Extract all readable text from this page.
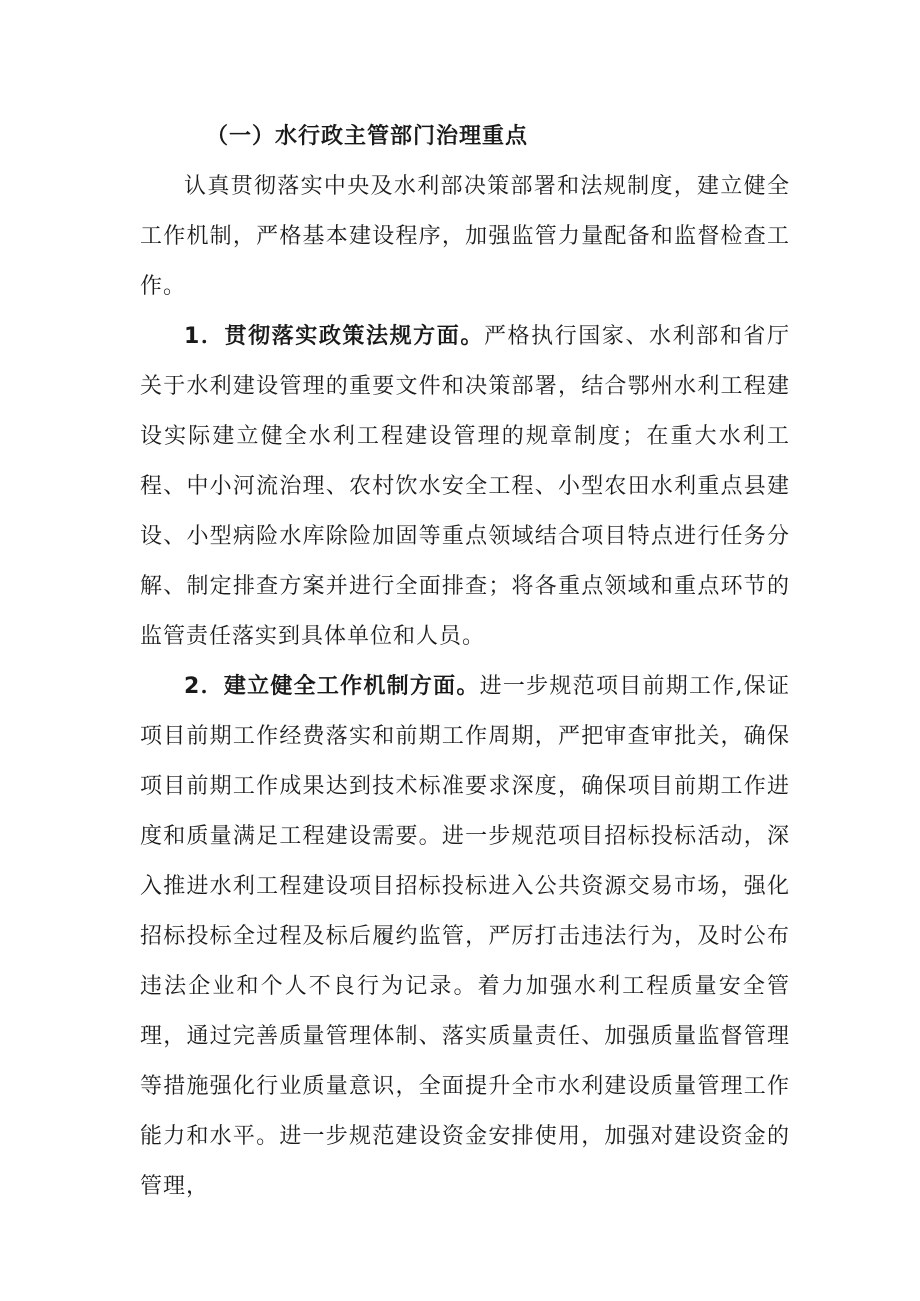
（一）水行政主管部门治理重点

认真贯彻落实中央及水利部决策部署和法规制度，建立健全工作机制，严格基本建设程序，加强监管力量配备和监督检查工作。

1．贯彻落实政策法规方面。严格执行国家、水利部和省厅关于水利建设管理的重要文件和决策部署，结合鄂州水利工程建设实际建立健全水利工程建设管理的规章制度；在重大水利工程、中小河流治理、农村饮水安全工程、小型农田水利重点县建设、小型病险水库除险加固等重点领域结合项目特点进行任务分解、制定排查方案并进行全面排查；将各重点领域和重点环节的监管责任落实到具体单位和人员。

2．建立健全工作机制方面。进一步规范项目前期工作,保证项目前期工作经费落实和前期工作周期，严把审查审批关，确保项目前期工作成果达到技术标准要求深度，确保项目前期工作进度和质量满足工程建设需要。进一步规范项目招标投标活动，深入推进水利工程建设项目招标投标进入公共资源交易市场，强化招标投标全过程及标后履约监管，严厉打击违法行为，及时公布违法企业和个人不良行为记录。着力加强水利工程质量安全管理，通过完善质量管理体制、落实质量责任、加强质量监督管理等措施强化行业质量意识，全面提升全市水利建设质量管理工作能力和水平。进一步规范建设资金安排使用，加强对建设资金的管理，
